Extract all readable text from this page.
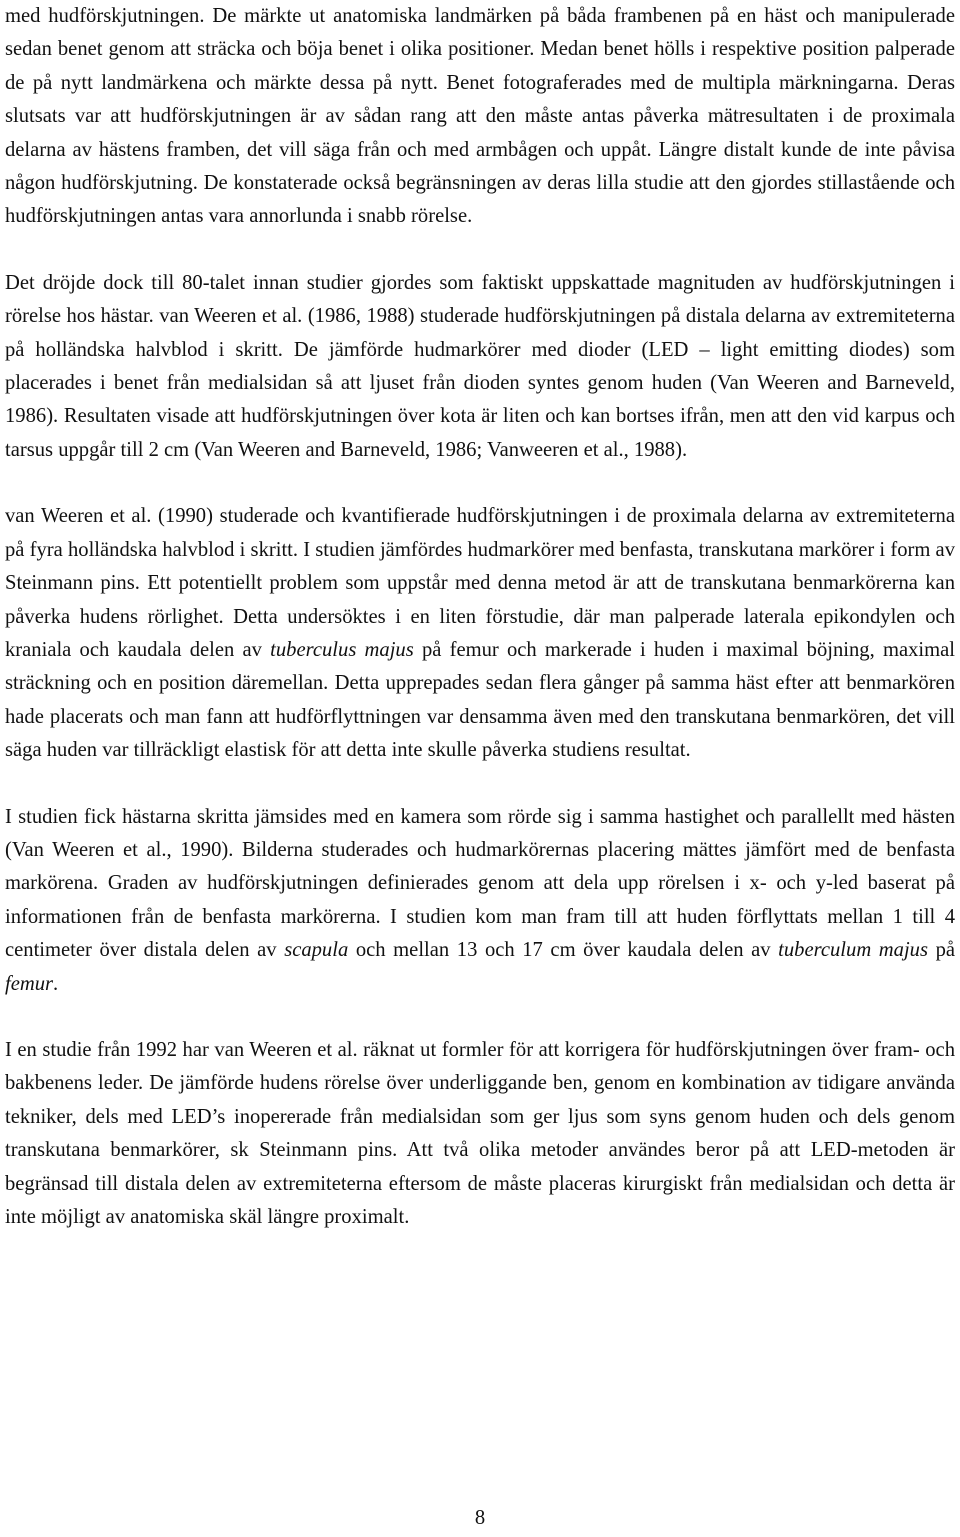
med hudförskjutningen. De märkte ut anatomiska landmärken på båda frambenen på en häst och manipulerade sedan benet genom att sträcka och böja benet i olika positioner. Medan benet hölls i respektive position palperade de på nytt landmärkena och märkte dessa på nytt. Benet fotograferades med de multipla märkningarna. Deras slutsats var att hudförskjutningen är av sådan rang att den måste antas påverka mätresultaten i de proximala delarna av hästens framben, det vill säga från och med armbågen och uppåt. Längre distalt kunde de inte påvisa någon hudförskjutning. De konstaterade också begränsningen av deras lilla studie att den gjordes stillastående och hudförskjutningen antas vara annorlunda i snabb rörelse.

Det dröjde dock till 80-talet innan studier gjordes som faktiskt uppskattade magnituden av hudförskjutningen i rörelse hos hästar. van Weeren et al. (1986, 1988) studerade hudförskjutningen på distala delarna av extremiteterna på holländska halvblod i skritt. De jämförde hudmarkörer med dioder (LED – light emitting diodes) som placerades i benet från medialsidan så att ljuset från dioden syntes genom huden (Van Weeren and Barneveld, 1986). Resultaten visade att hudförskjutningen över kota är liten och kan bortses ifrån, men att den vid karpus och tarsus uppgår till 2 cm (Van Weeren and Barneveld, 1986; Vanweeren et al., 1988).

van Weeren et al. (1990) studerade och kvantifierade hudförskjutningen i de proximala delarna av extremiteterna på fyra holländska halvblod i skritt. I studien jämfördes hudmarkörer med benfasta, transkutana markörer i form av Steinmann pins. Ett potentiellt problem som uppstår med denna metod är att de transkutana benmarkörerna kan påverka hudens rörlighet. Detta undersöktes i en liten förstudie, där man palperade laterala epikondylen och kraniala och kaudala delen av tuberculus majus på femur och markerade i huden i maximal böjning, maximal sträckning och en position däremellan. Detta upprepades sedan flera gånger på samma häst efter att benmarkören hade placerats och man fann att hudförflyttningen var densamma även med den transkutana benmarkören, det vill säga huden var tillräckligt elastisk för att detta inte skulle påverka studiens resultat.

I studien fick hästarna skritta jämsides med en kamera som rörde sig i samma hastighet och parallellt med hästen (Van Weeren et al., 1990). Bilderna studerades och hudmarkörernas placering mättes jämfört med de benfasta markörena. Graden av hudförskjutningen definierades genom att dela upp rörelsen i x- och y-led baserat på informationen från de benfasta markörerna. I studien kom man fram till att huden förflyttats mellan 1 till 4 centimeter över distala delen av scapula och mellan 13 och 17 cm över kaudala delen av tuberculum majus på femur.

I en studie från 1992 har van Weeren et al. räknat ut formler för att korrigera för hudförskjutningen över fram- och bakbenens leder. De jämförde hudens rörelse över underliggande ben, genom en kombination av tidigare använda tekniker, dels med LED’s inopererade från medialsidan som ger ljus som syns genom huden och dels genom transkutana benmarkörer, sk Steinmann pins. Att två olika metoder användes beror på att LED-metoden är begränsad till distala delen av extremiteterna eftersom de måste placeras kirurgiskt från medialsidan och detta är inte möjligt av anatomiska skäl längre proximalt.

8
